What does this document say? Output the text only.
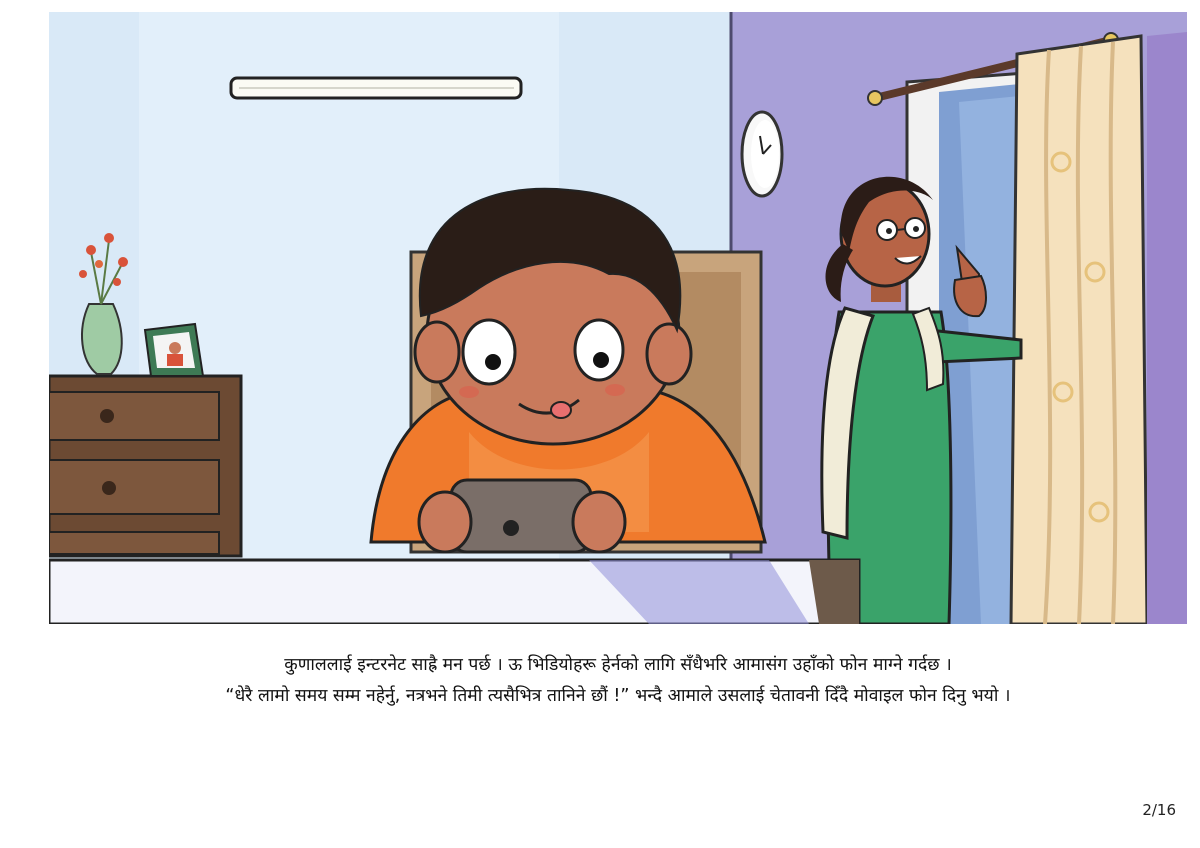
कुणाललाई इन्टरनेट साह्रै मन पर्छ । ऊ भिडियोहरू हेर्नको लागि सँधैभरि आमासंग उहाँको फोन माग्ने गर्दछ ।
“धेरै लामो समय सम्म नहेर्नु, नत्रभने तिमी त्यसैभित्र तानिने छौं !” भन्दै आमाले उसलाई चेतावनी दिँदै मोवाइल फोन दिनु भयो ।
2/16
